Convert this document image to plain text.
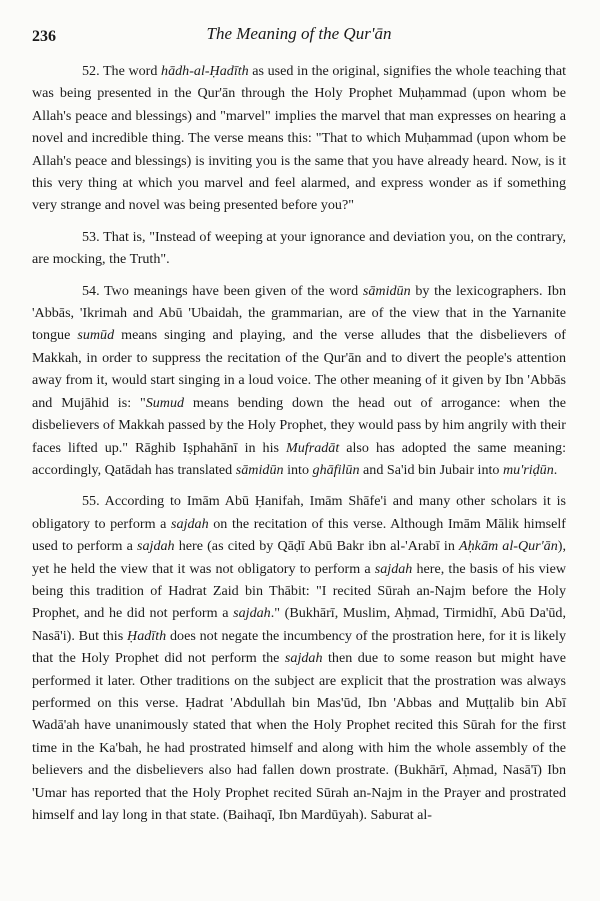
236	The Meaning of the Qur'ān

52. The word hādh-al-Ḥadīth as used in the original, signifies the whole teaching that was being presented in the Qur'ān through the Holy Prophet Muḥammad (upon whom be Allah's peace and blessings) and "marvel" implies the marvel that man expresses on hearing a novel and incredible thing. The verse means this: "That to which Muḥammad (upon whom be Allah's peace and blessings) is inviting you is the same that you have already heard. Now, is it this very thing at which you marvel and feel alarmed, and express wonder as if something very strange and novel was being presented before you?"

53. That is, "Instead of weeping at your ignorance and deviation you, on the contrary, are mocking, the Truth".

54. Two meanings have been given of the word sāmidūn by the lexicographers. Ibn 'Abbās, 'Ikrimah and Abū 'Ubaidah, the grammarian, are of the view that in the Yarnanite tongue sumūd means singing and playing, and the verse alludes that the disbelievers of Makkah, in order to suppress the recitation of the Qur'ān and to divert the people's attention away from it, would start singing in a loud voice. The other meaning of it given by Ibn 'Abbās and Mujāhid is: "Sumud means bending down the head out of arrogance: when the disbelievers of Makkah passed by the Holy Prophet, they would pass by him angrily with their faces lifted up." Rāghib Iṣphahānī in his Mufradāt also has adopted the same meaning: accordingly, Qatādah has translated sāmidūn into ghāfilūn and Sa'id bin Jubair into mu'riḍūn.

55. According to Imām Abū Ḥanifah, Imām Shāfe'i and many other scholars it is obligatory to perform a sajdah on the recitation of this verse. Although Imām Mālik himself used to perform a sajdah here (as cited by Qāḍī Abū Bakr ibn al-'Arabī in Aḥkām al-Qur'ān), yet he held the view that it was not obligatory to perform a sajdah here, the basis of his view being this tradition of Hadrat Zaid bin Thābit: "I recited Sūrah an-Najm before the Holy Prophet, and he did not perform a sajdah." (Bukhārī, Muslim, Aḥmad, Tirmidhī, Abū Da'ūd, Nasā'i). But this Ḥadīth does not negate the incumbency of the prostration here, for it is likely that the Holy Prophet did not perform the sajdah then due to some reason but might have performed it later. Other traditions on the subject are explicit that the prostration was always performed on this verse. Ḥadrat 'Abdullah bin Mas'ūd, Ibn 'Abbas and Muṭṭalib bin Abī Wadā'ah have unanimously stated that when the Holy Prophet recited this Sūrah for the first time in the Ka'bah, he had prostrated himself and along with him the whole assembly of the believers and the disbelievers also had fallen down prostrate. (Bukhārī, Aḥmad, Nasā'ī) Ibn 'Umar has reported that the Holy Prophet recited Sūrah an-Najm in the Prayer and prostrated himself and lay long in that state. (Baihaqī, Ibn Mardūyah). Saburat al-
